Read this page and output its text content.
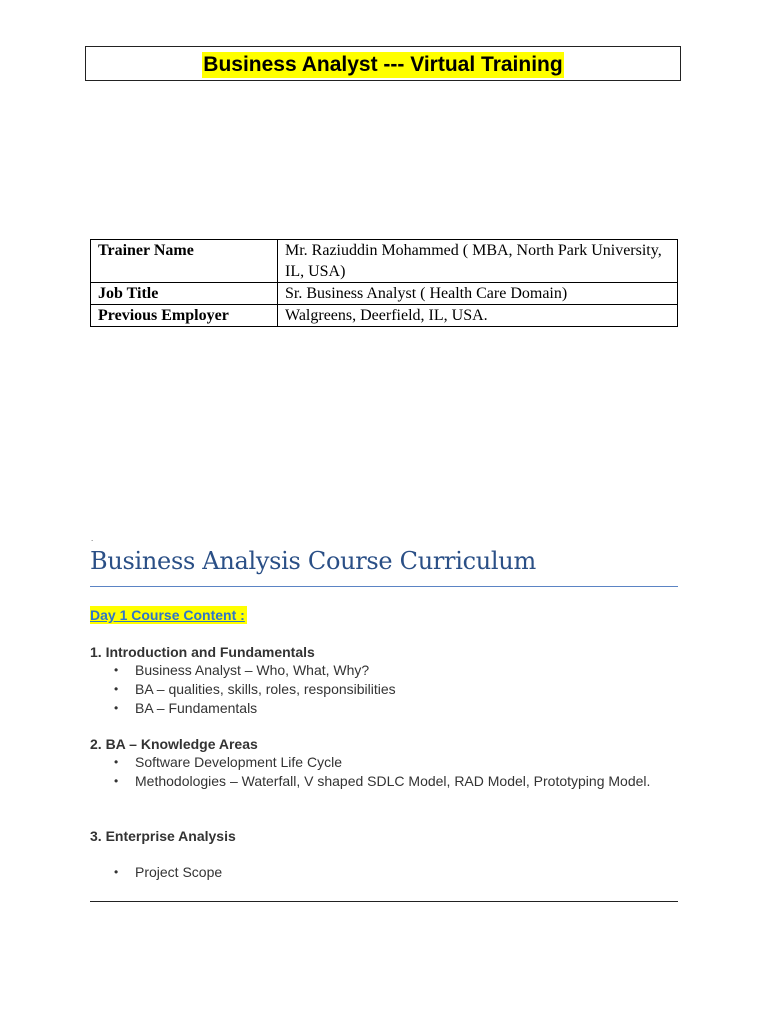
Business Analyst --- Virtual Training
Trainer Name	Mr. Raziuddin Mohammed ( MBA, North Park University, IL, USA)
Job Title	Sr. Business Analyst ( Health Care Domain)
Previous Employer	Walgreens, Deerfield, IL, USA.
.
Business Analysis Course Curriculum
Day 1 Course Content :
1. Introduction and Fundamentals
• Business Analyst – Who, What, Why?
• BA – qualities, skills, roles, responsibilities
• BA – Fundamentals
2. BA – Knowledge Areas
• Software Development Life Cycle
• Methodologies – Waterfall, V shaped SDLC Model, RAD Model, Prototyping Model.
3. Enterprise Analysis
• Project Scope
